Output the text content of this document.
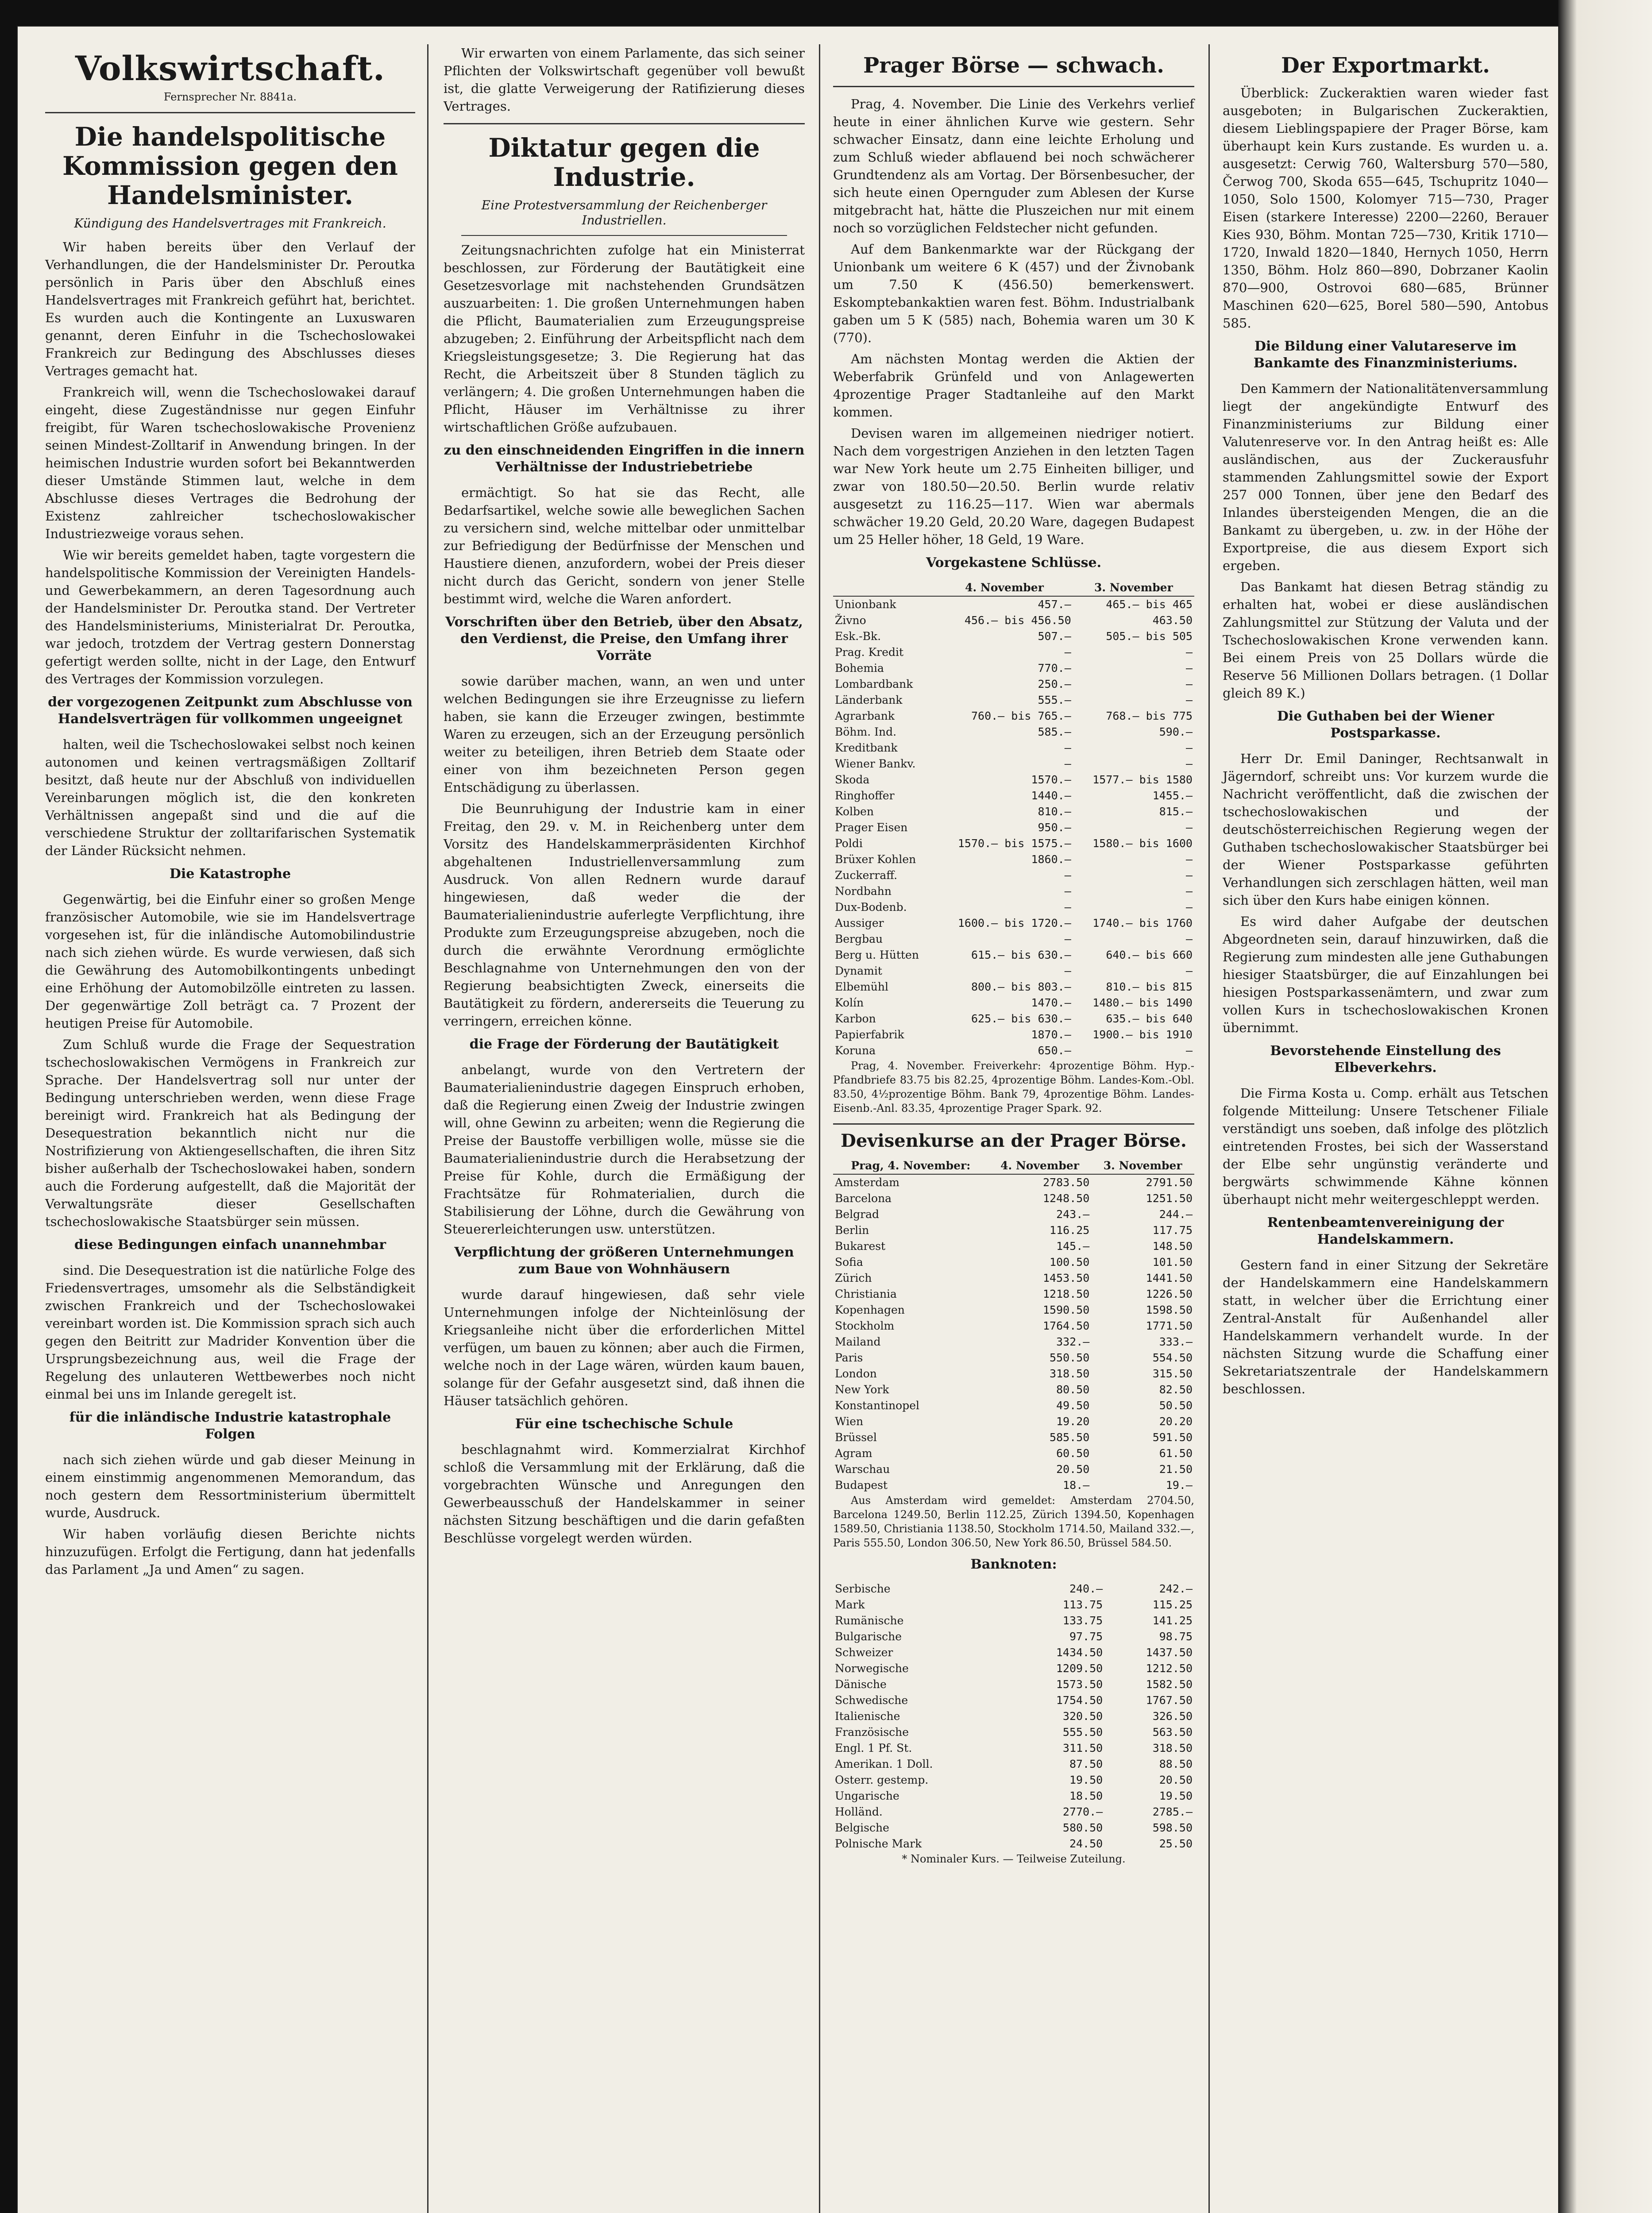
Volkswirtschaft.
Fernsprecher Nr. 8841a.
Die handelspolitische Kommission gegen den Handelsminister.
Kündigung des Handelsvertrages mit Frankreich.

Wir haben bereits über den Verlauf der Verhandlungen, die der Handelsminister Dr. Peroutka persönlich in Paris über den Abschluß eines Handelsvertrages mit Frankreich geführt hat, berichtet. Es wurden auch die Kontingente an Luxuswaren genannt, deren Einfuhr in die Tschechoslowakei Frankreich zur Bedingung des Abschlusses dieses Vertrages gemacht hat.

Frankreich will, wenn die Tschechoslowakei darauf eingeht, diese Zugeständnisse nur gegen Einfuhr freigibt, für Waren tschechoslowakische Provenienz seinen Mindest-Zolltarif in Anwendung bringen. In der heimischen Industrie wurden sofort bei Bekanntwerden dieser Umstände Stimmen laut, welche in dem Abschlusse dieses Vertrages die Bedrohung der Existenz zahlreicher tschechoslowakischer Industriezweige voraus sehen.

Wie wir bereits gemeldet haben, tagte vorgestern die handelspolitische Kommission der Vereinigten Handels- und Gewerbekammern, an deren Tagesordnung auch der Handelsminister Dr. Peroutka stand. Der Vertreter des Handelsministeriums, Ministerialrat Dr. Peroutka, war jedoch, trotzdem der Vertrag gestern Donnerstag gefertigt werden sollte, nicht in der Lage, den Entwurf des Vertrages der Kommission vorzulegen.

der vorgezogenen Zeitpunkt zum Abschlusse von Handelsverträgen für vollkommen ungeeignet

halten, weil die Tschechoslowakei selbst noch keinen autonomen und keinen vertragsmäßigen Zolltarif besitzt, daß heute nur der Abschluß von individuellen Vereinbarungen möglich ist, die den konkreten Verhältnissen angepaßt sind und die auf die verschiedene Struktur der zolltarifarischen Systematik der Länder Rücksicht nehmen.

Die Katastrophe

Gegenwärtig, bei die Einfuhr einer so großen Menge französischer Automobile, wie sie im Handelsvertrage vorgesehen ist, für die inländische Automobilindustrie nach sich ziehen würde. Es wurde verwiesen, daß sich die Gewährung des Automobilkontingents unbedingt eine Erhöhung der Automobilzölle eintreten zu lassen. Der gegenwärtige Zoll beträgt ca. 7 Prozent der heutigen Preise für Automobile.

Zum Schluß wurde die Frage der Sequestration tschechoslowakischen Vermögens in Frankreich zur Sprache. Der Handelsvertrag soll nur unter der Bedingung unterschrieben werden, wenn diese Frage bereinigt wird. Frankreich hat als Bedingung der Desequestration bekanntlich nicht nur die Nostrifizierung von Aktiengesellschaften, die ihren Sitz bisher außerhalb der Tschechoslowakei haben, sondern auch die Forderung aufgestellt, daß die Majorität der Verwaltungsräte dieser Gesellschaften tschechoslowakische Staatsbürger sein müssen.

diese Bedingungen einfach unannehmbar

sind. Die Desequestration ist die natürliche Folge des Friedensvertrages, umsomehr als die Selbständigkeit zwischen Frankreich und der Tschechoslowakei vereinbart worden ist. Die Kommission sprach sich auch gegen den Beitritt zur Madrider Konvention über die Ursprungsbezeichnung aus, weil die Frage der Regelung des unlauteren Wettbewerbes noch nicht einmal bei uns im Inlande geregelt ist.

für die inländische Industrie katastrophale Folgen

nach sich ziehen würde und gab dieser Meinung in einem einstimmig angenommenen Memorandum, das noch gestern dem Ressortministerium übermittelt wurde, Ausdruck.

Wir haben vorläufig diesen Berichte nichts hinzuzufügen. Erfolgt die Fertigung, dann hat jedenfalls das Parlament „Ja und Amen“ zu sagen.

Wir erwarten von einem Parlamente, das sich seiner Pflichten der Volkswirtschaft gegenüber voll bewußt ist, die glatte Verweigerung der Ratifizierung dieses Vertrages.

Diktatur gegen die Industrie.
Eine Protestversammlung der Reichenberger Industriellen.

Zeitungsnachrichten zufolge hat ein Ministerrat beschlossen, zur Förderung der Bautätigkeit eine Gesetzesvorlage mit nachstehenden Grundsätzen auszuarbeiten: 1. Die großen Unternehmungen haben die Pflicht, Baumaterialien zum Erzeugungspreise abzugeben; 2. Einführung der Arbeitspflicht nach dem Kriegsleistungsgesetze; 3. Die Regierung hat das Recht, die Arbeitszeit über 8 Stunden täglich zu verlängern; 4. Die großen Unternehmungen haben die Pflicht, Häuser im Verhältnisse zu ihrer wirtschaftlichen Größe aufzubauen.

zu den einschneidenden Eingriffen in die innern Verhältnisse der Industriebetriebe

ermächtigt. So hat sie das Recht, alle Bedarfsartikel, welche sowie alle beweglichen Sachen zu versichern sind, welche mittelbar oder unmittelbar zur Befriedigung der Bedürfnisse der Menschen und Haustiere dienen, anzufordern, wobei der Preis dieser nicht durch das Gericht, sondern von jener Stelle bestimmt wird, welche die Waren anfordert.

Vorschriften über den Betrieb, über den Absatz, den Verdienst, die Preise, den Umfang ihrer Vorräte

sowie darüber machen, wann, an wen und unter welchen Bedingungen sie ihre Erzeugnisse zu liefern haben, sie kann die Erzeuger zwingen, bestimmte Waren zu erzeugen, sich an der Erzeugung persönlich weiter zu beteiligen, ihren Betrieb dem Staate oder einer von ihm bezeichneten Person gegen Entschädigung zu überlassen.

Die Beunruhigung der Industrie kam in einer Freitag, den 29. v. M. in Reichenberg unter dem Vorsitz des Handelskammerpräsidenten Kirchhof abgehaltenen Industriellenversammlung zum Ausdruck. Von allen Rednern wurde darauf hingewiesen, daß weder die der Baumaterialienindustrie auferlegte Verpflichtung, ihre Produkte zum Erzeugungspreise abzugeben, noch die durch die erwähnte Verordnung ermöglichte Beschlagnahme von Unternehmungen den von der Regierung beabsichtigten Zweck, einerseits die Bautätigkeit zu fördern, andererseits die Teuerung zu verringern, erreichen könne.

die Frage der Förderung der Bautätigkeit

anbelangt, wurde von den Vertretern der Baumaterialienindustrie dagegen Einspruch erhoben, daß die Regierung einen Zweig der Industrie zwingen will, ohne Gewinn zu arbeiten; wenn die Regierung die Preise der Baustoffe verbilligen wolle, müsse sie die Baumaterialienindustrie durch die Herabsetzung der Preise für Kohle, durch die Ermäßigung der Frachtsätze für Rohmaterialien, durch die Stabilisierung der Löhne, durch die Gewährung von Steuererleichterungen usw. unterstützen.

Verpflichtung der größeren Unternehmungen zum Baue von Wohnhäusern

wurde darauf hingewiesen, daß sehr viele Unternehmungen infolge der Nichteinlösung der Kriegsanleihe nicht über die erforderlichen Mittel verfügen, um bauen zu können; aber auch die Firmen, welche noch in der Lage wären, würden kaum bauen, solange für der Gefahr ausgesetzt sind, daß ihnen die Häuser tatsächlich gehören.

Für eine tschechische Schule

beschlagnahmt wird. Kommerzialrat Kirchhof schloß die Versammlung mit der Erklärung, daß die vorgebrachten Wünsche und Anregungen den Gewerbeausschuß der Handelskammer in seiner nächsten Sitzung beschäftigen und die darin gefaßten Beschlüsse vorgelegt werden würden.

Prager Börse — schwach.

Prag, 4. November. Die Linie des Verkehrs verlief heute in einer ähnlichen Kurve wie gestern. Sehr schwacher Einsatz, dann eine leichte Erholung und zum Schluß wieder abflauend bei noch schwächerer Grundtendenz als am Vortag. Der Börsenbesucher, der sich heute einen Opernguder zum Ablesen der Kurse mitgebracht hat, hätte die Pluszeichen nur mit einem noch so vorzüglichen Feldstecher nicht gefunden.

Auf dem Bankenmarkte war der Rückgang der Unionbank um weitere 6 K (457) und der Živnobank um 7.50 K (456.50) bemerkenswert. Eskomptebankaktien waren fest. Böhm. Industrialbank gaben um 5 K (585) nach, Bohemia waren um 30 K (770).

Am nächsten Montag werden die Aktien der Weberfabrik Grünfeld und von Anlagewerten 4prozentige Prager Stadtanleihe auf den Markt kommen.

Devisen waren im allgemeinen niedriger notiert. Nach dem vorgestrigen Anziehen in den letzten Tagen war New York heute um 2.75 Einheiten billiger, und zwar von 180.50—20.50. Berlin wurde relativ ausgesetzt zu 116.25—117. Wien war abermals schwächer 19.20 Geld, 20.20 Ware, dagegen Budapest um 25 Heller höher, 18 Geld, 19 Ware.

Vorgekastene Schlüsse.
	4. November	3. November
Unionbank	457.—	465.— bis 465
Živno	456.— bis 456.50	463.50
Esk.-Bk.	507.—	505.— bis 505
Prag. Kredit	—	—
Bohemia	770.—	—
Lombardbank	250.—	—
Länderbank	555.—	—
Agrarbank	760.— bis 765.—	768.— bis 775
Böhm. Ind.	585.—	590.—
Kreditbank	—	—
Wiener Bankv.	—	—
Skoda	1570.—	1577.— bis 1580
Ringhoffer	1440.—	1455.—
Kolben	810.—	815.—
Prager Eisen	950.—	—
Poldi	1570.— bis 1575.—	1580.— bis 1600
Brüxer Kohlen	1860.—	—
Zuckerraff.	—	—
Nordbahn	—	—
Dux-Bodenb.	—	—
Aussiger	1600.— bis 1720.—	1740.— bis 1760
Bergbau	—	—
Berg u. Hütten	615.— bis 630.—	640.— bis 660
Dynamit	—	—
Elbemühl	800.— bis 803.—	810.— bis 815
Kolín	1470.—	1480.— bis 1490
Karbon	625.— bis 630.—	635.— bis 640
Papierfabrik	1870.—	1900.— bis 1910
Koruna	650.—	—

Prag, 4. November. Freiverkehr: 4prozentige Böhm. Hyp.-Pfandbriefe 83.75 bis 82.25, 4prozentige Böhm. Landes-Kom.-Obl. 83.50, 4½prozentige Böhm. Bank 79, 4prozentige Böhm. Landes-Eisenb.-Anl. 83.35, 4prozentige Prager Spark. 92.

Devisenkurse an der Prager Börse.
Prag, 4. November:	4. November	3. November
Amsterdam	2783.50	2791.50
Barcelona	1248.50	1251.50
Belgrad	243.—	244.—
Berlin	116.25	117.75
Bukarest	145.—	148.50
Sofia	100.50	101.50
Zürich	1453.50	1441.50
Christiania	1218.50	1226.50
Kopenhagen	1590.50	1598.50
Stockholm	1764.50	1771.50
Mailand	332.—	333.—
Paris	550.50	554.50
London	318.50	315.50
New York	80.50	82.50
Konstantinopel	49.50	50.50
Wien	19.20	20.20
Brüssel	585.50	591.50
Agram	60.50	61.50
Warschau	20.50	21.50
Budapest	18.—	19.—

Aus Amsterdam wird gemeldet: Amsterdam 2704.50, Barcelona 1249.50, Berlin 112.25, Zürich 1394.50, Kopenhagen 1589.50, Christiania 1138.50, Stockholm 1714.50, Mailand 332.—, Paris 555.50, London 306.50, New York 86.50, Brüssel 584.50.

Banknoten:
Serbische	240.—	242.—
Mark	113.75	115.25
Rumänische	133.75	141.25
Bulgarische	97.75	98.75
Schweizer	1434.50	1437.50
Norwegische	1209.50	1212.50
Dänische	1573.50	1582.50
Schwedische	1754.50	1767.50
Italienische	320.50	326.50
Französische	555.50	563.50
Engl. 1 Pf. St.	311.50	318.50
Amerikan. 1 Doll.	87.50	88.50
Osterr. gestemp.	19.50	20.50
Ungarische	18.50	19.50
Holländ.	2770.—	2785.—
Belgische	580.50	598.50
Polnische Mark	24.50	25.50
* Nominaler Kurs. — Teilweise Zuteilung.
Der Exportmarkt.

Überblick: Zuckeraktien waren wieder fast ausgeboten; in Bulgarischen Zuckeraktien, diesem Lieblingspapiere der Prager Börse, kam überhaupt kein Kurs zustande. Es wurden u. a. ausgesetzt: Cerwig 760, Waltersburg 570—580, Čerwog 700, Skoda 655—645, Tschupritz 1040—1050, Solo 1500, Kolomyer 715—730, Prager Eisen (starkere Interesse) 2200—2260, Berauer Kies 930, Böhm. Montan 725—730, Kritik 1710—1720, Inwald 1820—1840, Hernych 1050, Herrn 1350, Böhm. Holz 860—890, Dobrzaner Kaolin 870—900, Ostrovoi 680—685, Brünner Maschinen 620—625, Borel 580—590, Antobus 585.

Die Bildung einer Valutareserve im Bankamte des Finanzministeriums.

Den Kammern der Nationalitätenversammlung liegt der angekündigte Entwurf des Finanzministeriums zur Bildung einer Valutenreserve vor. In den Antrag heißt es: Alle ausländischen, aus der Zuckerausfuhr stammenden Zahlungsmittel sowie der Export 257 000 Tonnen, über jene den Bedarf des Inlandes übersteigenden Mengen, die an die Bankamt zu übergeben, u. zw. in der Höhe der Exportpreise, die aus diesem Export sich ergeben.

Das Bankamt hat diesen Betrag ständig zu erhalten hat, wobei er diese ausländischen Zahlungsmittel zur Stützung der Valuta und der Tschechoslowakischen Krone verwenden kann. Bei einem Preis von 25 Dollars würde die Reserve 56 Millionen Dollars betragen. (1 Dollar gleich 89 K.)

Die Guthaben bei der Wiener Postsparkasse.

Herr Dr. Emil Daninger, Rechtsanwalt in Jägerndorf, schreibt uns: Vor kurzem wurde die Nachricht veröffentlicht, daß die zwischen der tschechoslowakischen und der deutschösterreichischen Regierung wegen der Guthaben tschechoslowakischer Staatsbürger bei der Wiener Postsparkasse geführten Verhandlungen sich zerschlagen hätten, weil man sich über den Kurs habe einigen können.

Es wird daher Aufgabe der deutschen Abgeordneten sein, darauf hinzuwirken, daß die Regierung zum mindesten alle jene Guthabungen hiesiger Staatsbürger, die auf Einzahlungen bei hiesigen Postsparkassenämtern, und zwar zum vollen Kurs in tschechoslowakischen Kronen übernimmt.

Bevorstehende Einstellung des Elbeverkehrs.

Die Firma Kosta u. Comp. erhält aus Tetschen folgende Mitteilung: Unsere Tetschener Filiale verständigt uns soeben, daß infolge des plötzlich eintretenden Frostes, bei sich der Wasserstand der Elbe sehr ungünstig veränderte und bergwärts schwimmende Kähne können überhaupt nicht mehr weitergeschleppt werden.

Rentenbeamtenvereinigung der Handelskammern.

Gestern fand in einer Sitzung der Sekretäre der Handelskammern eine Handelskammern statt, in welcher über die Errichtung einer Zentral-Anstalt für Außenhandel aller Handelskammern verhandelt wurde. In der nächsten Sitzung wurde die Schaffung einer Sekretariatszentrale der Handelskammern beschlossen.
